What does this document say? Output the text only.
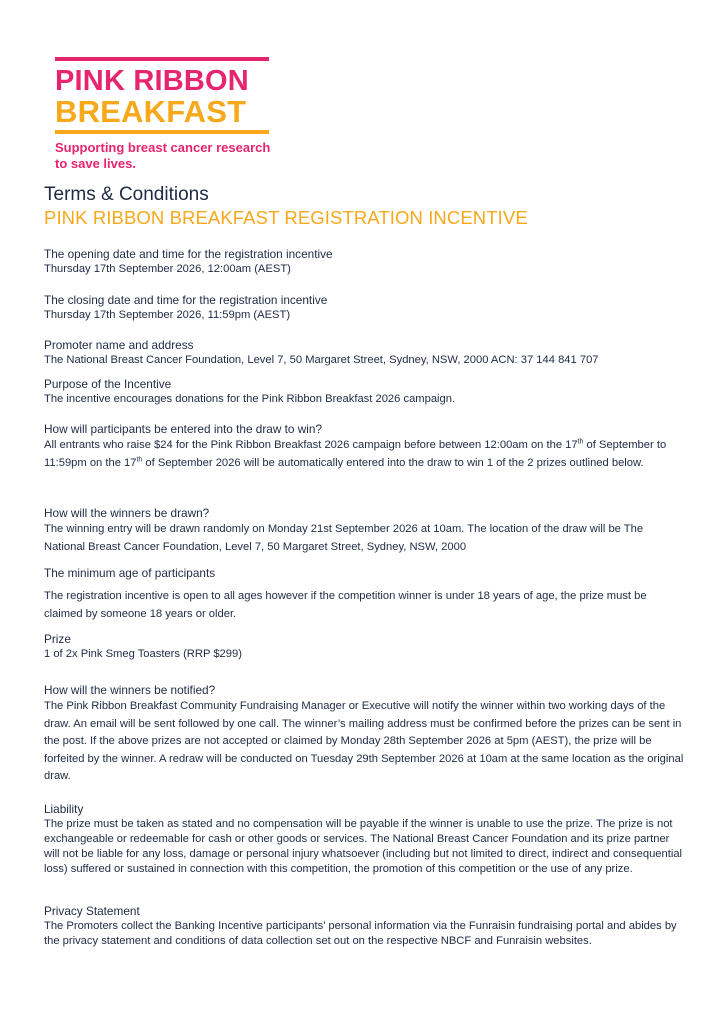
PINK RIBBON
BREAKFAST
Supporting breast cancer research
to save lives.
Terms & Conditions
PINK RIBBON BREAKFAST REGISTRATION INCENTIVE
The opening date and time for the registration incentive
Thursday 17th September 2026, 12:00am (AEST)
The closing date and time for the registration incentive
Thursday 17th September 2026, 11:59pm (AEST)
Promoter name and address
The National Breast Cancer Foundation, Level 7, 50 Margaret Street, Sydney, NSW, 2000 ACN: 37 144 841 707
Purpose of the Incentive
The incentive encourages donations for the Pink Ribbon Breakfast 2026 campaign.
How will participants be entered into the draw to win?
All entrants who raise $24 for the Pink Ribbon Breakfast 2026 campaign before between 12:00am on the 17th of September to 11:59pm on the 17th of September 2026 will be automatically entered into the draw to win 1 of the 2 prizes outlined below.
How will the winners be drawn?
The winning entry will be drawn randomly on Monday 21st September 2026 at 10am. The location of the draw will be The National Breast Cancer Foundation, Level 7, 50 Margaret Street, Sydney, NSW, 2000
The minimum age of participants
The registration incentive is open to all ages however if the competition winner is under 18 years of age, the prize must be claimed by someone 18 years or older.
Prize
1 of 2x Pink Smeg Toasters (RRP $299)
How will the winners be notified?
The Pink Ribbon Breakfast Community Fundraising Manager or Executive will notify the winner within two working days of the draw. An email will be sent followed by one call. The winner’s mailing address must be confirmed before the prizes can be sent in the post. If the above prizes are not accepted or claimed by Monday 28th September 2026 at 5pm (AEST), the prize will be forfeited by the winner. A redraw will be conducted on Tuesday 29th September 2026 at 10am at the same location as the original draw.
Liability
The prize must be taken as stated and no compensation will be payable if the winner is unable to use the prize. The prize is not exchangeable or redeemable for cash or other goods or services. The National Breast Cancer Foundation and its prize partner will not be liable for any loss, damage or personal injury whatsoever (including but not limited to direct, indirect and consequential loss) suffered or sustained in connection with this competition, the promotion of this competition or the use of any prize.
Privacy Statement
The Promoters collect the Banking Incentive participants’ personal information via the Funraisin fundraising portal and abides by the privacy statement and conditions of data collection set out on the respective NBCF and Funraisin websites.
